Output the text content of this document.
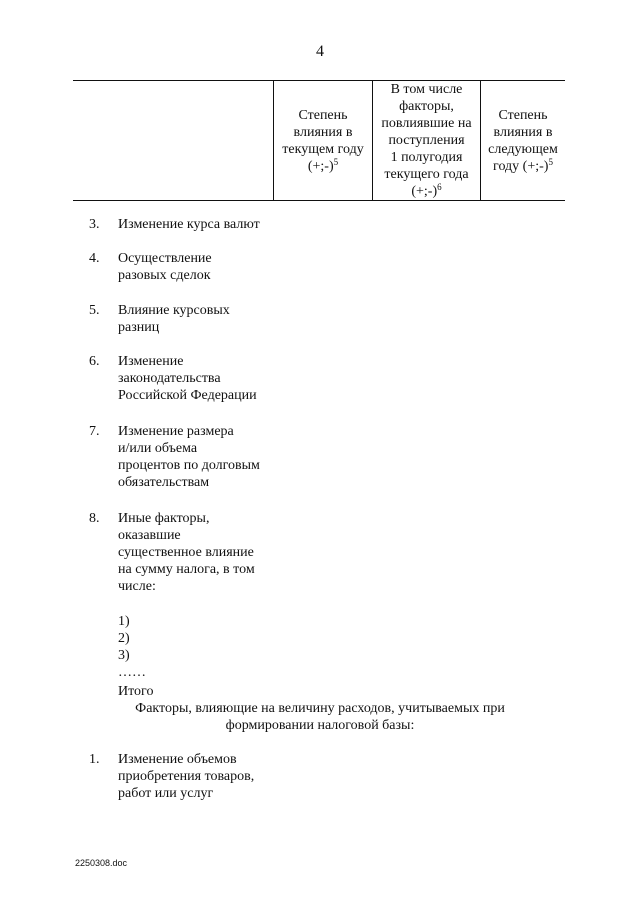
4
Степень
влияния в
текущем году
(+;-)$^5$
В том числе
факторы,
повлиявшие на
поступления
1 полугодия
текущего года
(+;-)$^6$
Степень
влияния в
следующем
году (+;-)$^5$
3. Изменение курса валют
4. Осуществление
разовых сделок
5. Влияние курсовых
разниц
6. Изменение
законодательства
Российской Федерации
7. Изменение размера
и/или объема
процентов по долговым
обязательствам
8. Иные факторы,
оказавшие
существенное влияние
на сумму налога, в том
числе:
1)
2)
3)
……
Итого
Факторы, влияющие на величину расходов, учитываемых при
формировании налоговой базы:
1. Изменение объемов
приобретения товаров,
работ или услуг
2250308.doc
